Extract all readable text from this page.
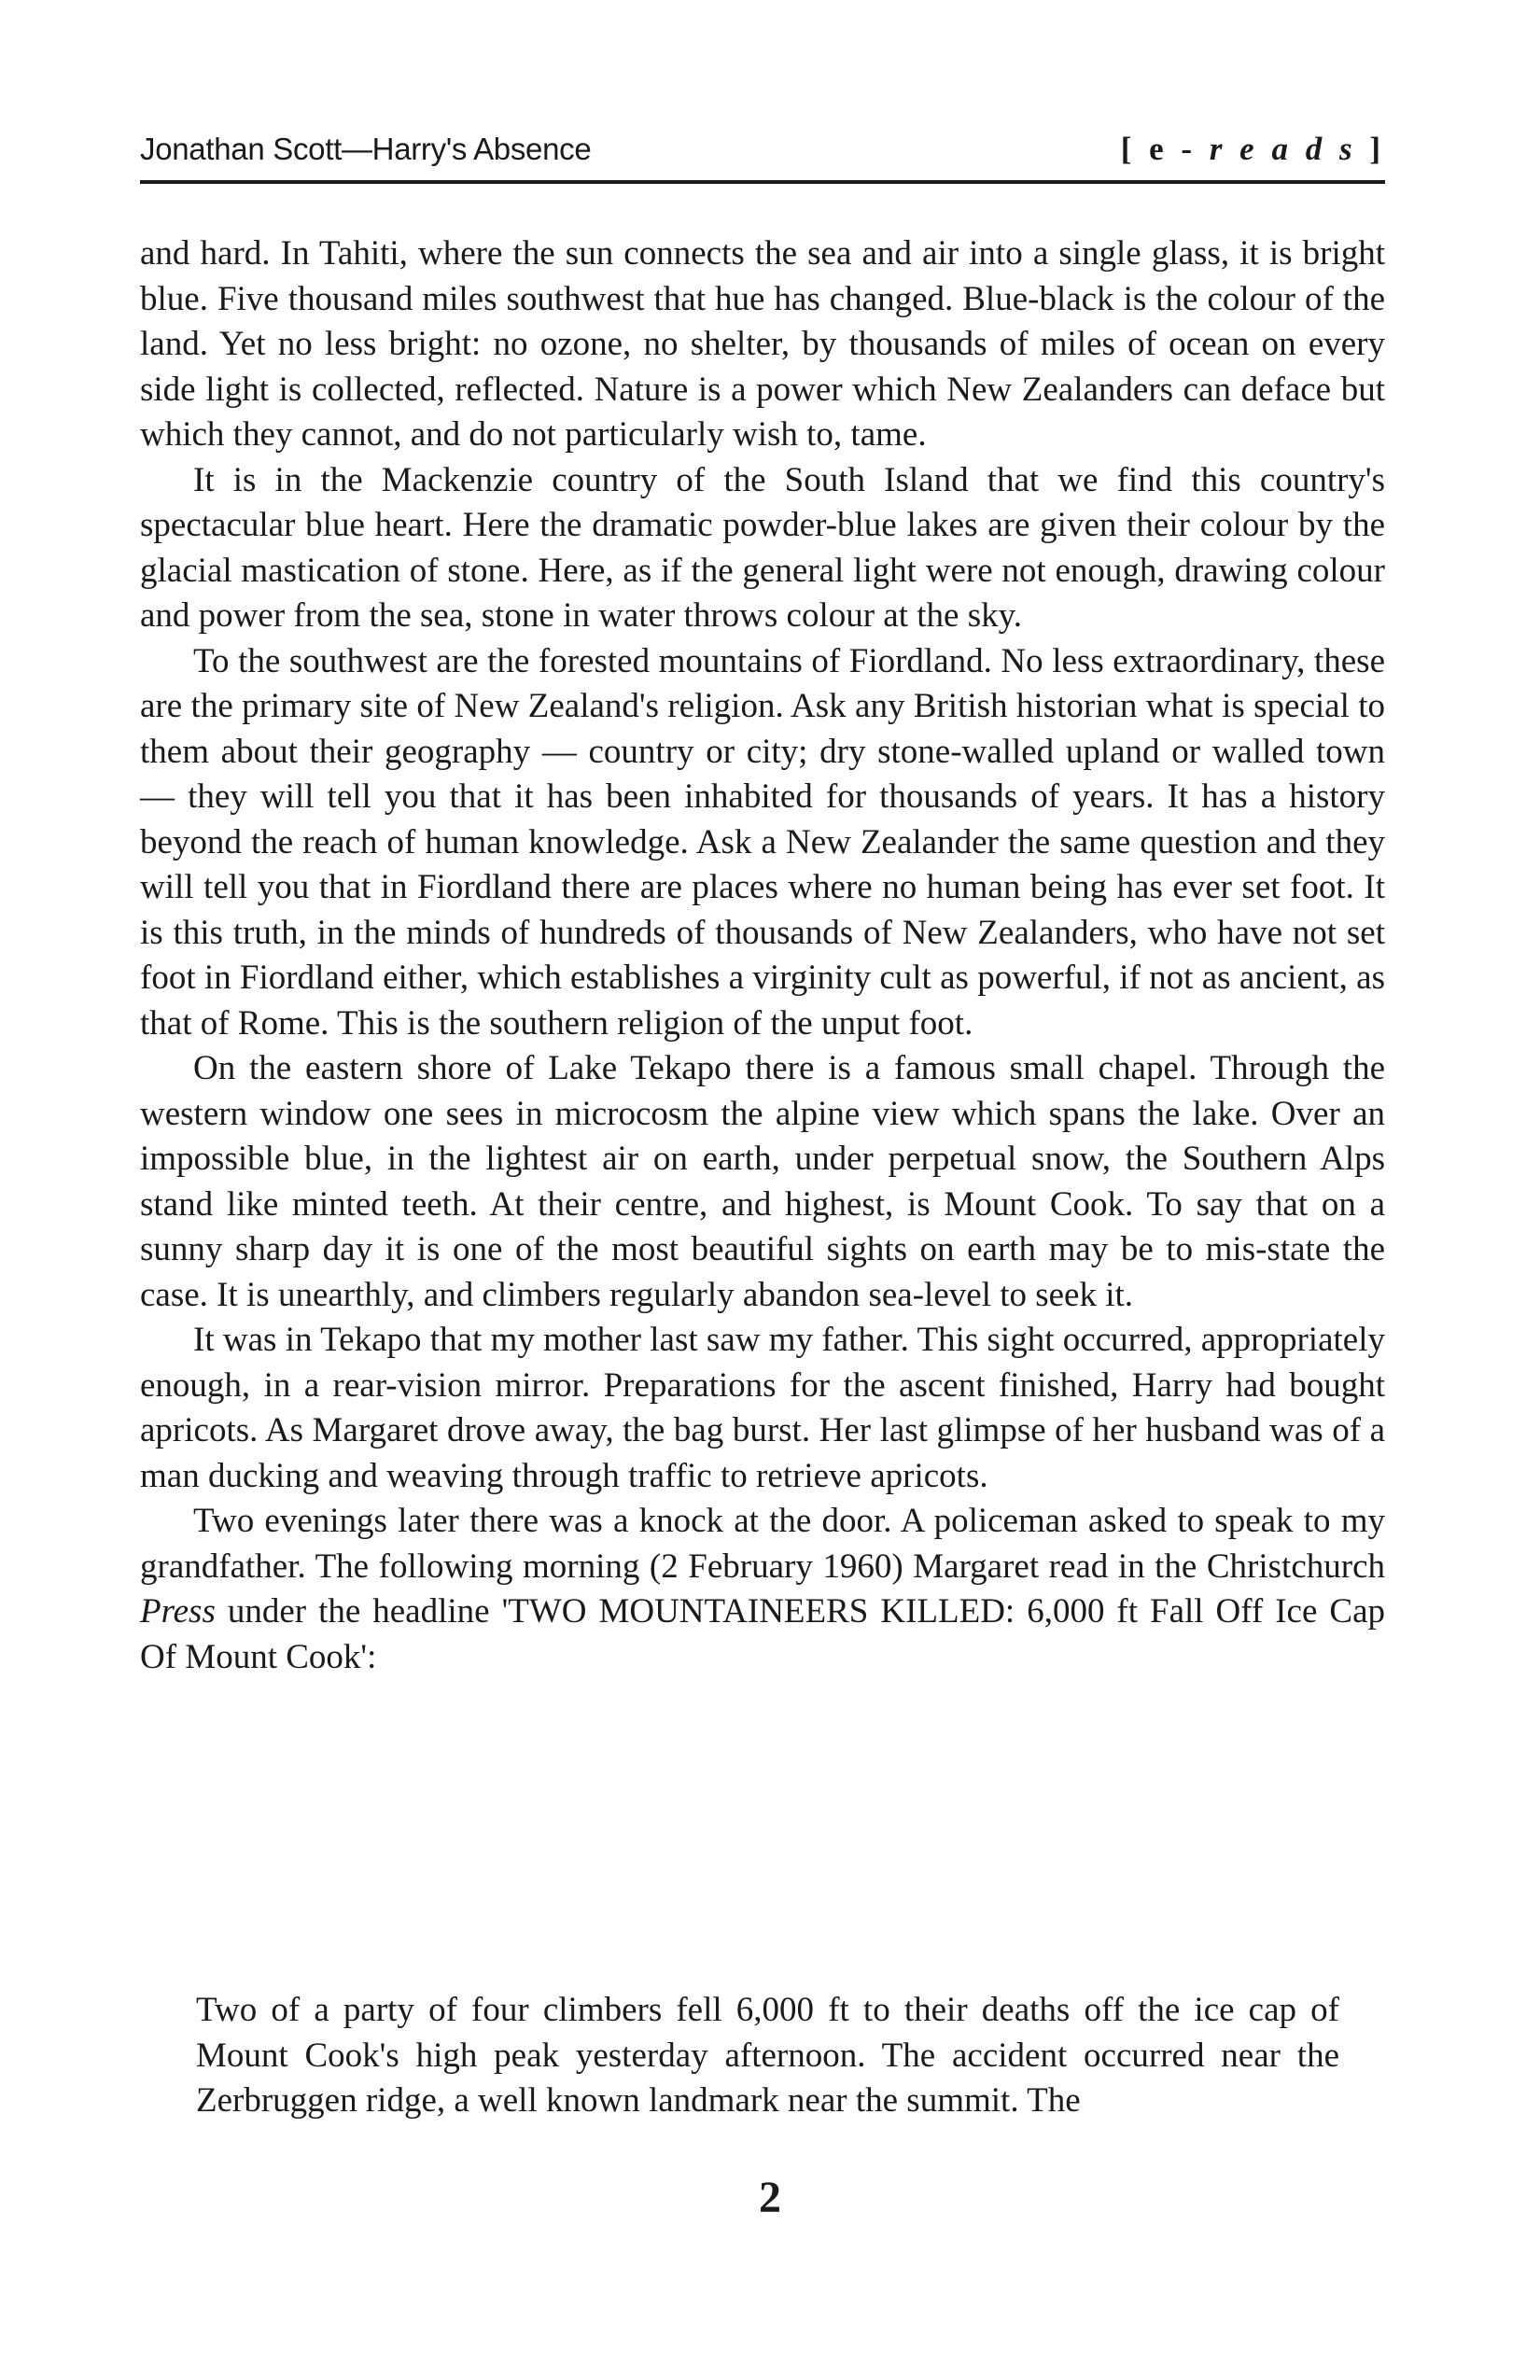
Jonathan Scott—Harry's Absence	[ e - r e a d s ]

and hard. In Tahiti, where the sun connects the sea and air into a single glass, it is bright blue. Five thousand miles southwest that hue has changed. Blue-black is the colour of the land. Yet no less bright: no ozone, no shelter, by thousands of miles of ocean on every side light is collected, reflected. Nature is a power which New Zealanders can deface but which they cannot, and do not particularly wish to, tame.

It is in the Mackenzie country of the South Island that we find this country's spectacular blue heart. Here the dramatic powder-blue lakes are given their colour by the glacial mastication of stone. Here, as if the general light were not enough, drawing colour and power from the sea, stone in water throws colour at the sky.

To the southwest are the forested mountains of Fiordland. No less extraordinary, these are the primary site of New Zealand's religion. Ask any British historian what is special to them about their geography — country or city; dry stone-walled upland or walled town — they will tell you that it has been inhabited for thousands of years. It has a history beyond the reach of human knowledge. Ask a New Zealander the same question and they will tell you that in Fiordland there are places where no human being has ever set foot. It is this truth, in the minds of hundreds of thousands of New Zealanders, who have not set foot in Fiordland either, which establishes a virginity cult as powerful, if not as ancient, as that of Rome. This is the southern religion of the unput foot.

On the eastern shore of Lake Tekapo there is a famous small chapel. Through the western window one sees in microcosm the alpine view which spans the lake. Over an impossible blue, in the lightest air on earth, under perpetual snow, the Southern Alps stand like minted teeth. At their centre, and highest, is Mount Cook. To say that on a sunny sharp day it is one of the most beautiful sights on earth may be to mis-state the case. It is unearthly, and climbers regularly abandon sea-level to seek it.

It was in Tekapo that my mother last saw my father. This sight occurred, appropriately enough, in a rear-vision mirror. Preparations for the ascent finished, Harry had bought apricots. As Margaret drove away, the bag burst. Her last glimpse of her husband was of a man ducking and weaving through traffic to retrieve apricots.

Two evenings later there was a knock at the door. A policeman asked to speak to my grandfather. The following morning (2 February 1960) Margaret read in the Christchurch Press under the headline 'TWO MOUNTAINEERS KILLED: 6,000 ft Fall Off Ice Cap Of Mount Cook':

Two of a party of four climbers fell 6,000 ft to their deaths off the ice cap of Mount Cook's high peak yesterday afternoon. The accident occurred near the Zerbruggen ridge, a well known landmark near the summit. The

2
